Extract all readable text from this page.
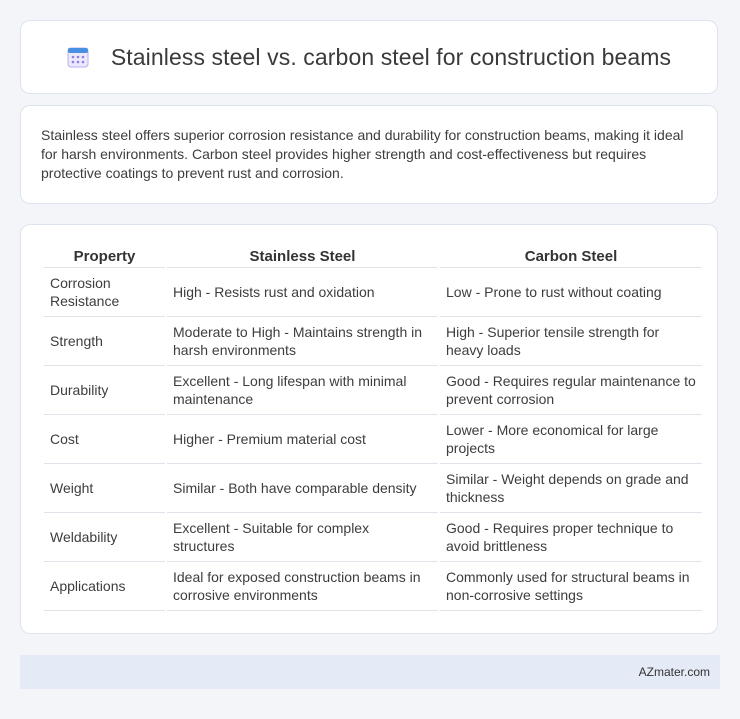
Stainless steel vs. carbon steel for construction beams

Stainless steel offers superior corrosion resistance and durability for construction beams, making it ideal for harsh environments. Carbon steel provides higher strength and cost-effectiveness but requires protective coatings to prevent rust and corrosion.

Property	Stainless Steel	Carbon Steel
Corrosion Resistance	High - Resists rust and oxidation	Low - Prone to rust without coating
Strength	Moderate to High - Maintains strength in harsh environments	High - Superior tensile strength for heavy loads
Durability	Excellent - Long lifespan with minimal maintenance	Good - Requires regular maintenance to prevent corrosion
Cost	Higher - Premium material cost	Lower - More economical for large projects
Weight	Similar - Both have comparable density	Similar - Weight depends on grade and thickness
Weldability	Excellent - Suitable for complex structures	Good - Requires proper technique to avoid brittleness
Applications	Ideal for exposed construction beams in corrosive environments	Commonly used for structural beams in non-corrosive settings
AZmater.com
